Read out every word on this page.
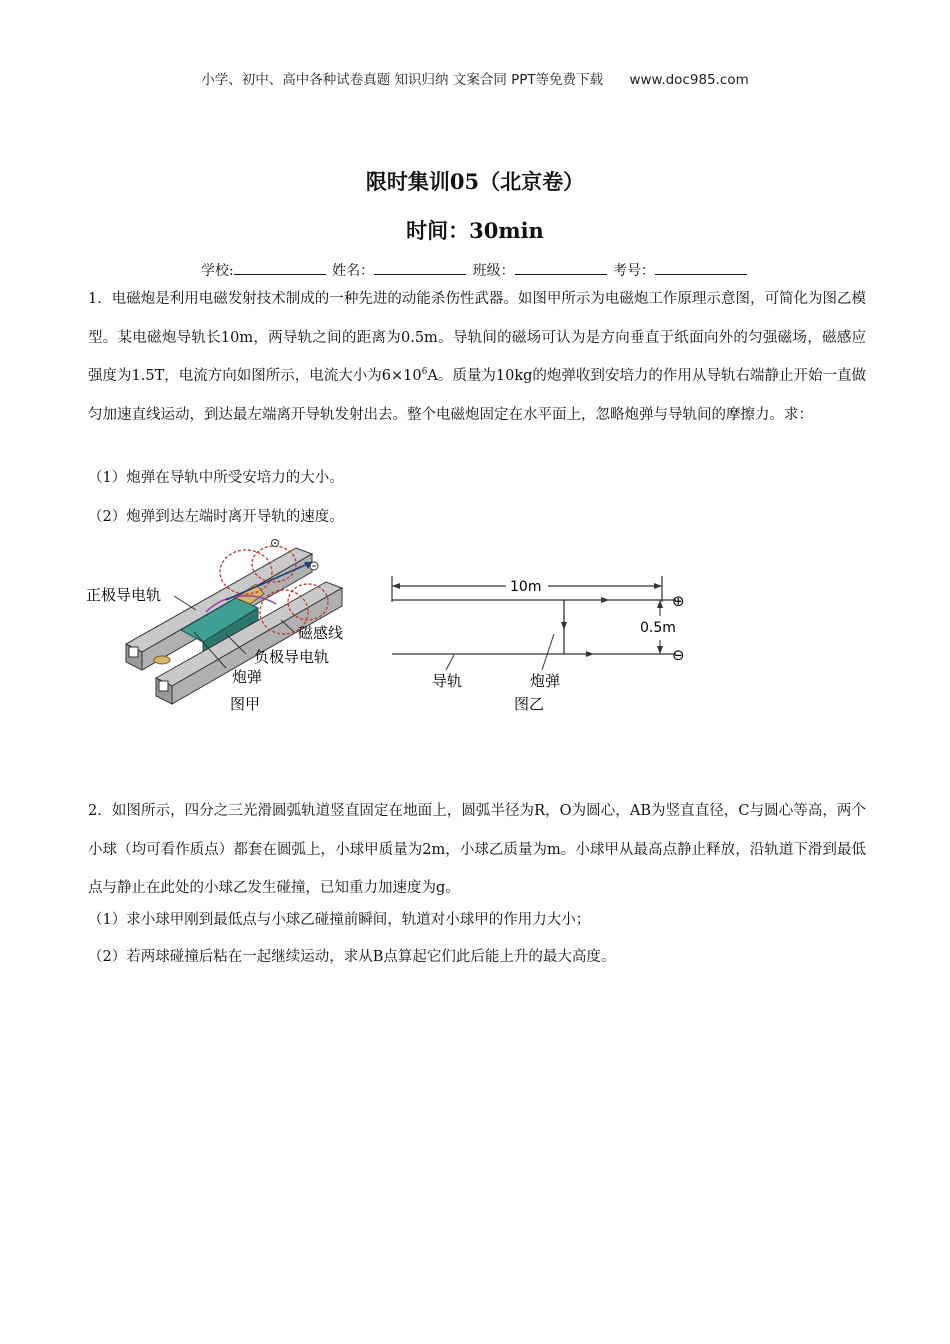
小学、初中、高中各种试卷真题 知识归纳 文案合同 PPT等免费下载 www.doc985.com
限时集训05（北京卷）
时间：30min
学校:	姓名：	班级：	考号：
1．电磁炮是利用电磁发射技术制成的一种先进的动能杀伤性武器。如图甲所示为电磁炮工作原理示意图，可简化为图乙模型。某电磁炮导轨长10m，两导轨之间的距离为0.5m。导轨间的磁场可认为是方向垂直于纸面向外的匀强磁场，磁感应强度为1.5T，电流方向如图所示，电流大小为$6\times 10^6A$。质量为10kg的炮弹收到安培力的作用从导轨右端静止开始一直做匀加速直线运动，到达最左端离开导轨发射出去。整个电磁炮固定在水平面上，忽略炮弹与导轨间的摩擦力。求：
（1）炮弹在导轨中所受安培力的大小。
（2）炮弹到达左端时离开导轨的速度。
正极导电轨
磁感线
负极导电轨
炮弹
图甲
10m
0.5m
⊕
⊖
导轨	炮弹
图乙
2．如图所示，四分之三光滑圆弧轨道竖直固定在地面上，圆弧半径为R，O为圆心，AB为竖直直径，C与圆心等高，两个小球（均可看作质点）都套在圆弧上，小球甲质量为2m，小球乙质量为m。小球甲从最高点静止释放，沿轨道下滑到最低点与静止在此处的小球乙发生碰撞，已知重力加速度为g。
（1）求小球甲刚到最低点与小球乙碰撞前瞬间，轨道对小球甲的作用力大小；
（2）若两球碰撞后粘在一起继续运动，求从B点算起它们此后能上升的最大高度。
